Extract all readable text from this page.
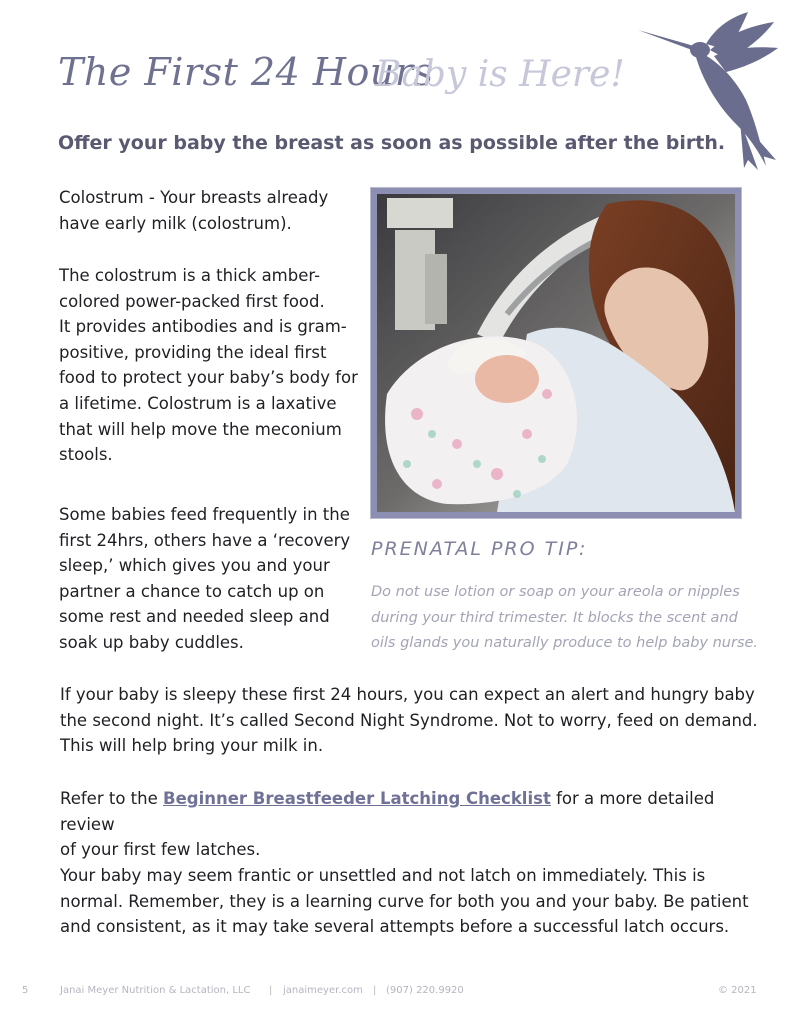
The First 24 Hours
Baby is Here!
Offer your baby the breast as soon as possible after the birth.
Colostrum - Your breasts already
have early milk (colostrum).
The colostrum is a thick amber-
colored power-packed first food.
It provides antibodies and is gram-
positive, providing the ideal first
food to protect your baby’s body for
a lifetime. Colostrum is a laxative
that will help move the meconium
stools.
Some babies feed frequently in the
first 24hrs, others have a ‘recovery
sleep,’ which gives you and your
partner a chance to catch up on
some rest and needed sleep and
soak up baby cuddles.
PRENATAL PRO TIP:
Do not use lotion or soap on your areola or nipples
during your third trimester. It blocks the scent and
oils glands you naturally produce to help baby nurse.
If your baby is sleepy these first 24 hours, you can expect an alert and hungry baby
the second night. It’s called Second Night Syndrome. Not to worry, feed on demand.
This will help bring your milk in.
Refer to the Beginner Breastfeeder Latching Checklist for a more detailed review
of your first few latches.
Your baby may seem frantic or unsettled and not latch on immediately. This is
normal. Remember, they is a learning curve for both you and your baby. Be patient
and consistent, as it may take several attempts before a successful latch occurs.
5	Janai Meyer Nutrition & Lactation, LLC | janaimeyer.com | (907) 220.9920	© 2021
